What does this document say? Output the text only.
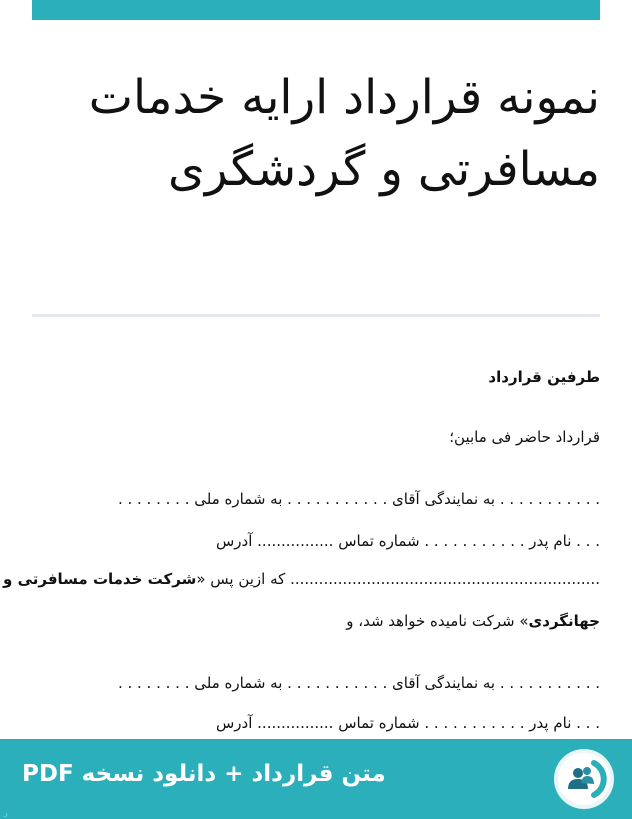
نمونه قرارداد ارایه خدمات مسافرتی و گردشگری
طرفین قرارداد
قرارداد حاضر فی مابین؛
. . . . . . . . . . . به نمایندگی آقای . . . . . . . . . . . به شماره ملی . . . . . . . .
. . . نام پدر . . . . . . . . . . . شماره تماس ................ آدرس
................................................................. که ازین پس «شرکت خدمات مسافرتی و
جهانگردی» شرکت نامیده خواهد شد، و
. . . . . . . . . . . به نمایندگی آقای . . . . . . . . . . . به شماره ملی . . . . . . . .
. . . نام پدر . . . . . . . . . . . شماره تماس ................ آدرس
متن قرارداد + دانلود نسخه PDF
ر
